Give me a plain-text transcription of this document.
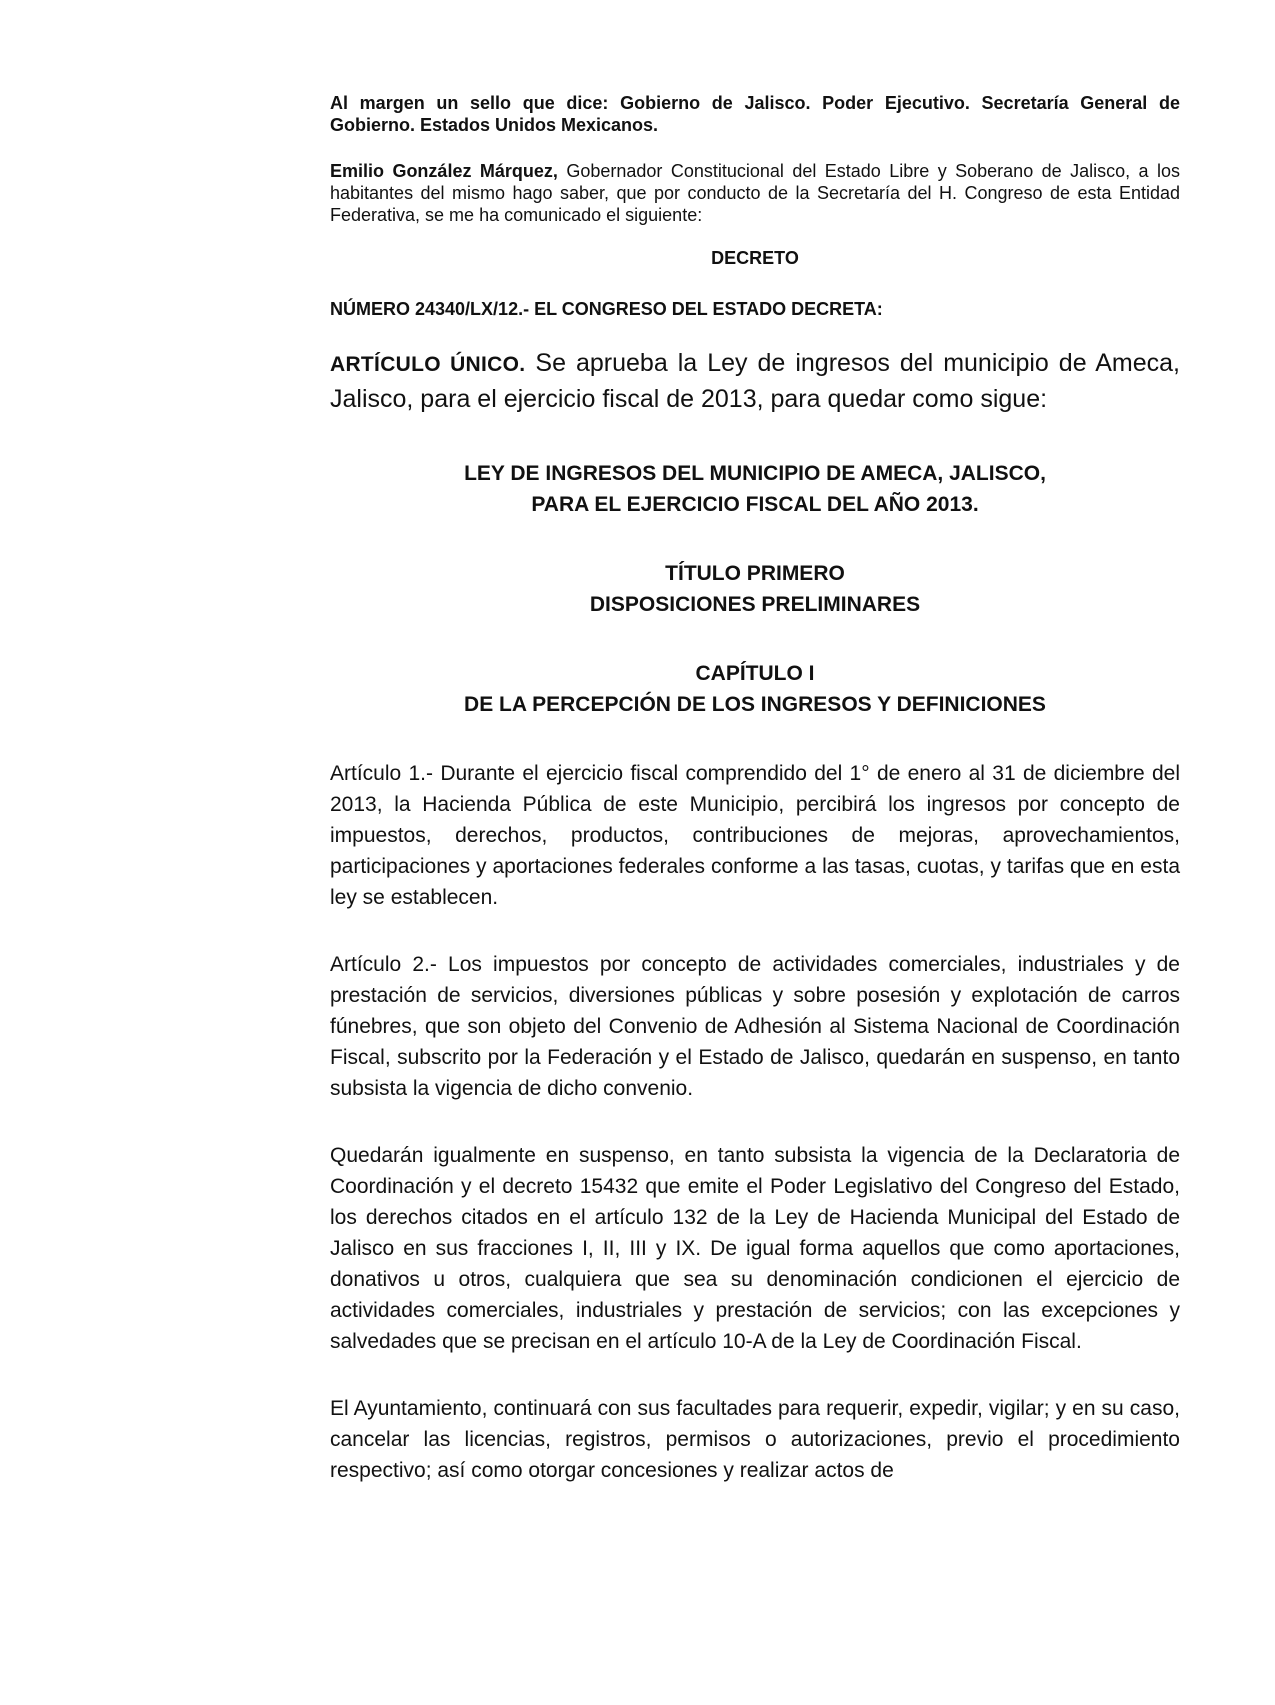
Al margen un sello que dice: Gobierno de Jalisco. Poder Ejecutivo. Secretaría General de Gobierno. Estados Unidos Mexicanos.

Emilio González Márquez, Gobernador Constitucional del Estado Libre y Soberano de Jalisco, a los habitantes del mismo hago saber, que por conducto de la Secretaría del H. Congreso de esta Entidad Federativa, se me ha comunicado el siguiente:

DECRETO

NÚMERO 24340/LX/12.- EL CONGRESO DEL ESTADO DECRETA:

ARTÍCULO ÚNICO. Se aprueba la Ley de ingresos del municipio de Ameca, Jalisco, para el ejercicio fiscal de 2013, para quedar como sigue:

LEY DE INGRESOS DEL MUNICIPIO DE AMECA, JALISCO,
PARA EL EJERCICIO FISCAL DEL AÑO 2013.
TÍTULO PRIMERO
DISPOSICIONES PRELIMINARES
CAPÍTULO I
DE LA PERCEPCIÓN DE LOS INGRESOS Y DEFINICIONES

Artículo 1.- Durante el ejercicio fiscal comprendido del 1° de enero al 31 de diciembre del 2013, la Hacienda Pública de este Municipio, percibirá los ingresos por concepto de impuestos, derechos, productos, contribuciones de mejoras, aprovechamientos, participaciones y aportaciones federales conforme a las tasas, cuotas, y tarifas que en esta ley se establecen.

Artículo 2.- Los impuestos por concepto de actividades comerciales, industriales y de prestación de servicios, diversiones públicas y sobre posesión y explotación de carros fúnebres, que son objeto del Convenio de Adhesión al Sistema Nacional de Coordinación Fiscal, subscrito por la Federación y el Estado de Jalisco, quedarán en suspenso, en tanto subsista la vigencia de dicho convenio.

Quedarán igualmente en suspenso, en tanto subsista la vigencia de la Declaratoria de Coordinación y el decreto 15432 que emite el Poder Legislativo del Congreso del Estado, los derechos citados en el artículo 132 de la Ley de Hacienda Municipal del Estado de Jalisco en sus fracciones I, II, III y IX. De igual forma aquellos que como aportaciones, donativos u otros, cualquiera que sea su denominación condicionen el ejercicio de actividades comerciales, industriales y prestación de servicios; con las excepciones y salvedades que se precisan en el artículo 10-A de la Ley de Coordinación Fiscal.

El Ayuntamiento, continuará con sus facultades para requerir, expedir, vigilar; y en su caso, cancelar las licencias, registros, permisos o autorizaciones, previo el procedimiento respectivo; así como otorgar concesiones y realizar actos de
